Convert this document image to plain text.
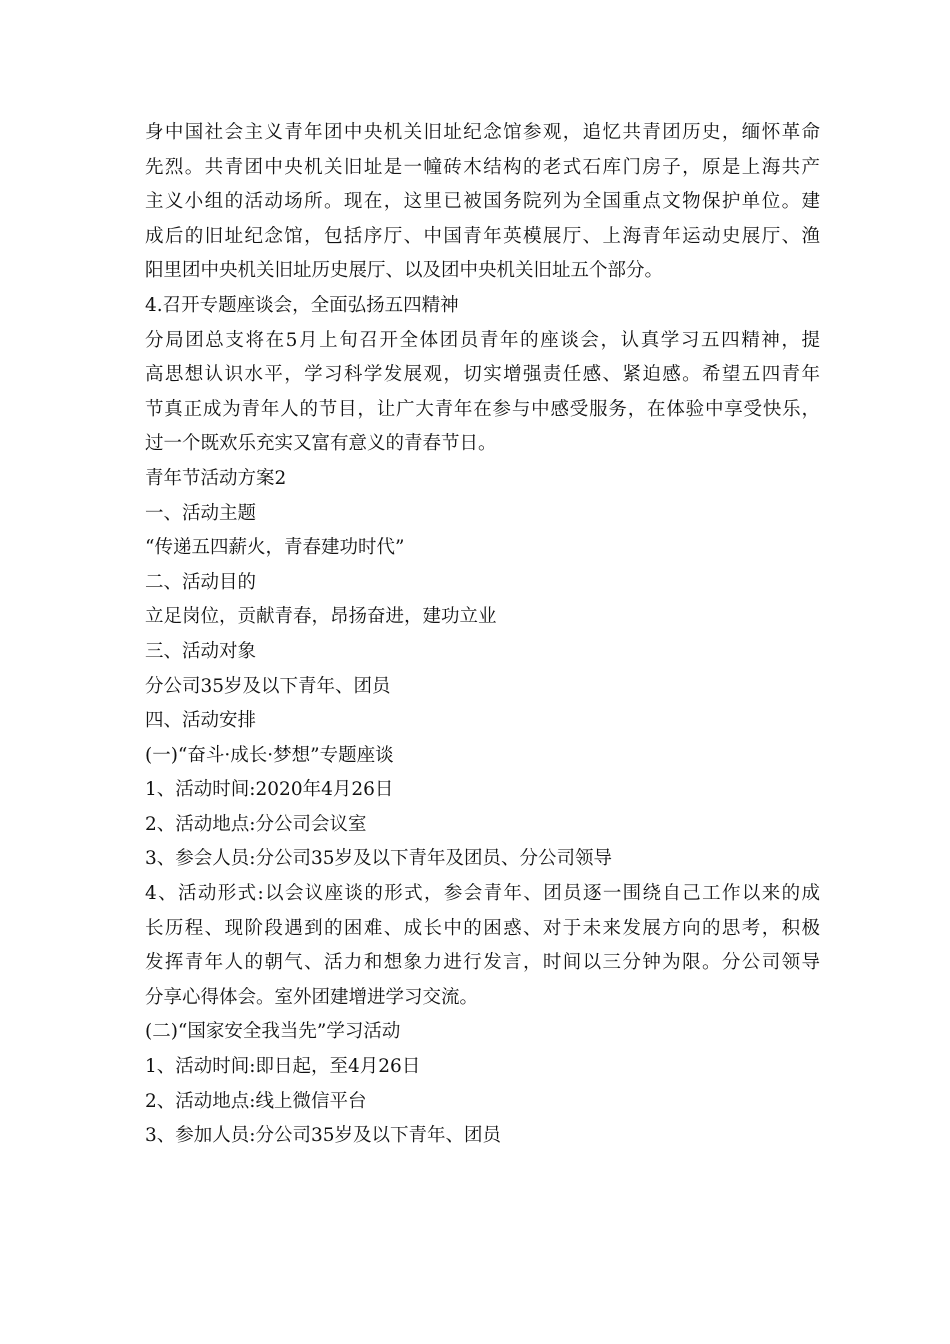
身中国社会主义青年团中央机关旧址纪念馆参观，追忆共青团历史，缅怀革命
先烈。共青团中央机关旧址是一幢砖木结构的老式石库门房子，原是上海共产
主义小组的活动场所。现在，这里已被国务院列为全国重点文物保护单位。建
成后的旧址纪念馆，包括序厅、中国青年英模展厅、上海青年运动史展厅、渔
阳里团中央机关旧址历史展厅、以及团中央机关旧址五个部分。
4.召开专题座谈会，全面弘扬五四精神
分局团总支将在5月上旬召开全体团员青年的座谈会，认真学习五四精神，提
高思想认识水平，学习科学发展观，切实增强责任感、紧迫感。希望五四青年
节真正成为青年人的节目，让广大青年在参与中感受服务，在体验中享受快乐，
过一个既欢乐充实又富有意义的青春节日。
青年节活动方案2
一、活动主题
“传递五四薪火，青春建功时代”
二、活动目的
立足岗位，贡献青春，昂扬奋进，建功立业
三、活动对象
分公司35岁及以下青年、团员
四、活动安排
(一)“奋斗·成长·梦想”专题座谈
1、活动时间:2020年4月26日
2、活动地点:分公司会议室
3、参会人员:分公司35岁及以下青年及团员、分公司领导
4、活动形式:以会议座谈的形式，参会青年、团员逐一围绕自己工作以来的成
长历程、现阶段遇到的困难、成长中的困惑、对于未来发展方向的思考，积极
发挥青年人的朝气、活力和想象力进行发言，时间以三分钟为限。分公司领导
分享心得体会。室外团建增进学习交流。
(二)“国家安全我当先”学习活动
1、活动时间:即日起，至4月26日
2、活动地点:线上微信平台
3、参加人员:分公司35岁及以下青年、团员
